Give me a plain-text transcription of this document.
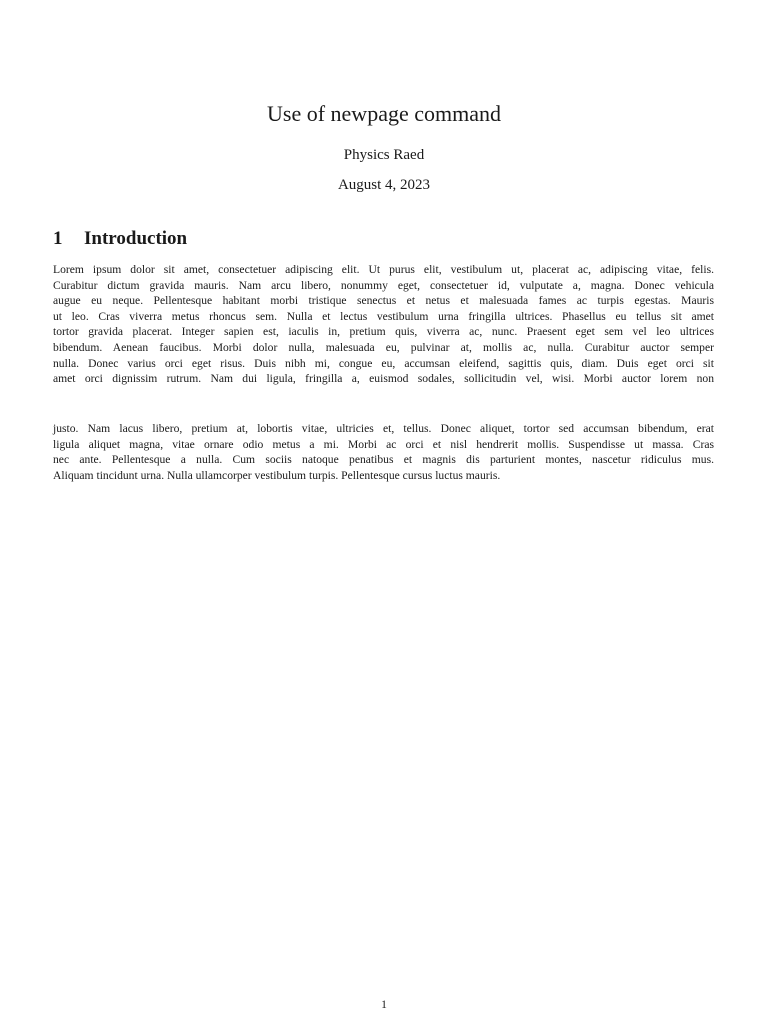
Use of newpage command
Physics Raed
August 4, 2023
1 Introduction
Lorem ipsum dolor sit amet, consectetuer adipiscing elit. Ut purus elit, vestibulum ut, placerat ac, adipiscing vitae, felis.
Curabitur dictum gravida mauris. Nam arcu libero, nonummy eget, consectetuer id, vulputate a, magna. Donec vehicula
augue eu neque. Pellentesque habitant morbi tristique senectus et netus et malesuada fames ac turpis egestas. Mauris
ut leo. Cras viverra metus rhoncus sem. Nulla et lectus vestibulum urna fringilla ultrices. Phasellus eu tellus sit amet
tortor gravida placerat. Integer sapien est, iaculis in, pretium quis, viverra ac, nunc. Praesent eget sem vel leo ultrices
bibendum. Aenean faucibus. Morbi dolor nulla, malesuada eu, pulvinar at, mollis ac, nulla. Curabitur auctor semper
nulla. Donec varius orci eget risus. Duis nibh mi, congue eu, accumsan eleifend, sagittis quis, diam. Duis eget orci sit
amet orci dignissim rutrum. Nam dui ligula, fringilla a, euismod sodales, sollicitudin vel, wisi. Morbi auctor lorem non
justo. Nam lacus libero, pretium at, lobortis vitae, ultricies et, tellus. Donec aliquet, tortor sed accumsan bibendum, erat
ligula aliquet magna, vitae ornare odio metus a mi. Morbi ac orci et nisl hendrerit mollis. Suspendisse ut massa. Cras
nec ante. Pellentesque a nulla. Cum sociis natoque penatibus et magnis dis parturient montes, nascetur ridiculus mus.
Aliquam tincidunt urna. Nulla ullamcorper vestibulum turpis. Pellentesque cursus luctus mauris.
1
